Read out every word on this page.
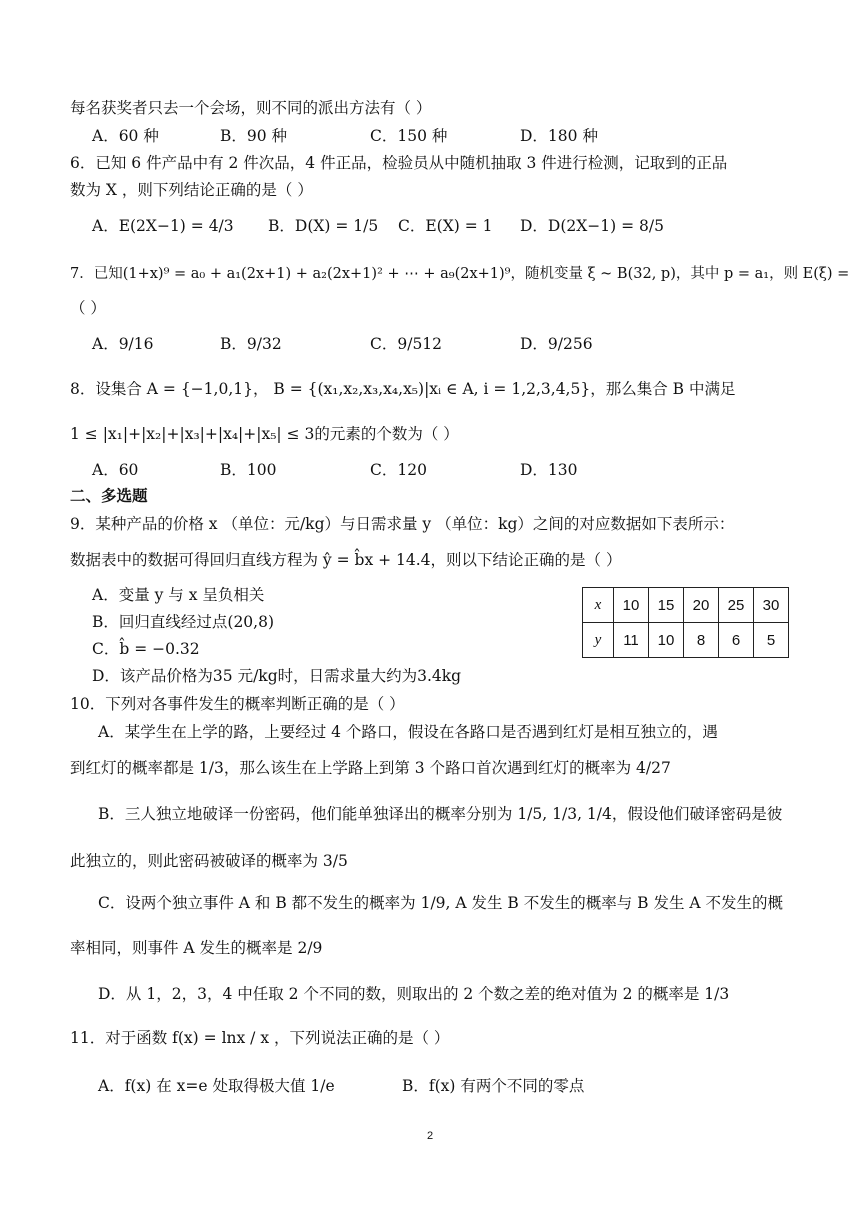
每名获奖者只去一个会场，则不同的派出方法有（ ）
A．60 种	B．90 种	C．150 种	D．180 种
6．已知 6 件产品中有 2 件次品，4 件正品，检验员从中随机抽取 3 件进行检测，记取到的正品
数为 X ，则下列结论正确的是（ ）
A．E(2X−1) = 4/3 B．D(X) = 1/5 C．E(X) = 1 D．D(2X−1) = 8/5
7．已知(1+x)⁹ = a₀ + a₁(2x+1) + a₂(2x+1)² + ⋯ + a₉(2x+1)⁹，随机变量 ξ ~ B(32, p)，其中 p = a₁，则 E(ξ) =
（ ）
A．9/16	B．9/32	C．9/512	D．9/256
8．设集合 A = {−1,0,1}， B = {(x₁,x₂,x₃,x₄,x₅)|xᵢ ∈ A, i = 1,2,3,4,5}，那么集合 B 中满足
1 ≤ |x₁|+|x₂|+|x₃|+|x₄|+|x₅| ≤ 3的元素的个数为（ ）
A．60	B．100	C．120	D．130
二、多选题
9．某种产品的价格 x （单位：元/kg）与日需求量 y （单位：kg）之间的对应数据如下表所示：
数据表中的数据可得回归直线方程为 ŷ = b̂x + 14.4，则以下结论正确的是（ ）
A．变量 y 与 x 呈负相关
B．回归直线经过点(20,8)
C．b̂ = −0.32
D．该产品价格为35 元/kg时，日需求量大约为3.4kg
x	10	15	20	25	30
y	11	10	8	6	5
10．下列对各事件发生的概率判断正确的是（ ）
A．某学生在上学的路，上要经过 4 个路口，假设在各路口是否遇到红灯是相互独立的，遇
到红灯的概率都是 1/3，那么该生在上学路上到第 3 个路口首次遇到红灯的概率为 4/27
B．三人独立地破译一份密码，他们能单独译出的概率分别为 1/5, 1/3, 1/4，假设他们破译密码是彼
此独立的，则此密码被破译的概率为 3/5
C．设两个独立事件 A 和 B 都不发生的概率为 1/9, A 发生 B 不发生的概率与 B 发生 A 不发生的概
率相同，则事件 A 发生的概率是 2/9
D．从 1，2，3，4 中任取 2 个不同的数，则取出的 2 个数之差的绝对值为 2 的概率是 1/3
11．对于函数 f(x) = lnx / x ，下列说法正确的是（ ）
A．f(x) 在 x=e 处取得极大值 1/e	B．f(x) 有两个不同的零点
2
